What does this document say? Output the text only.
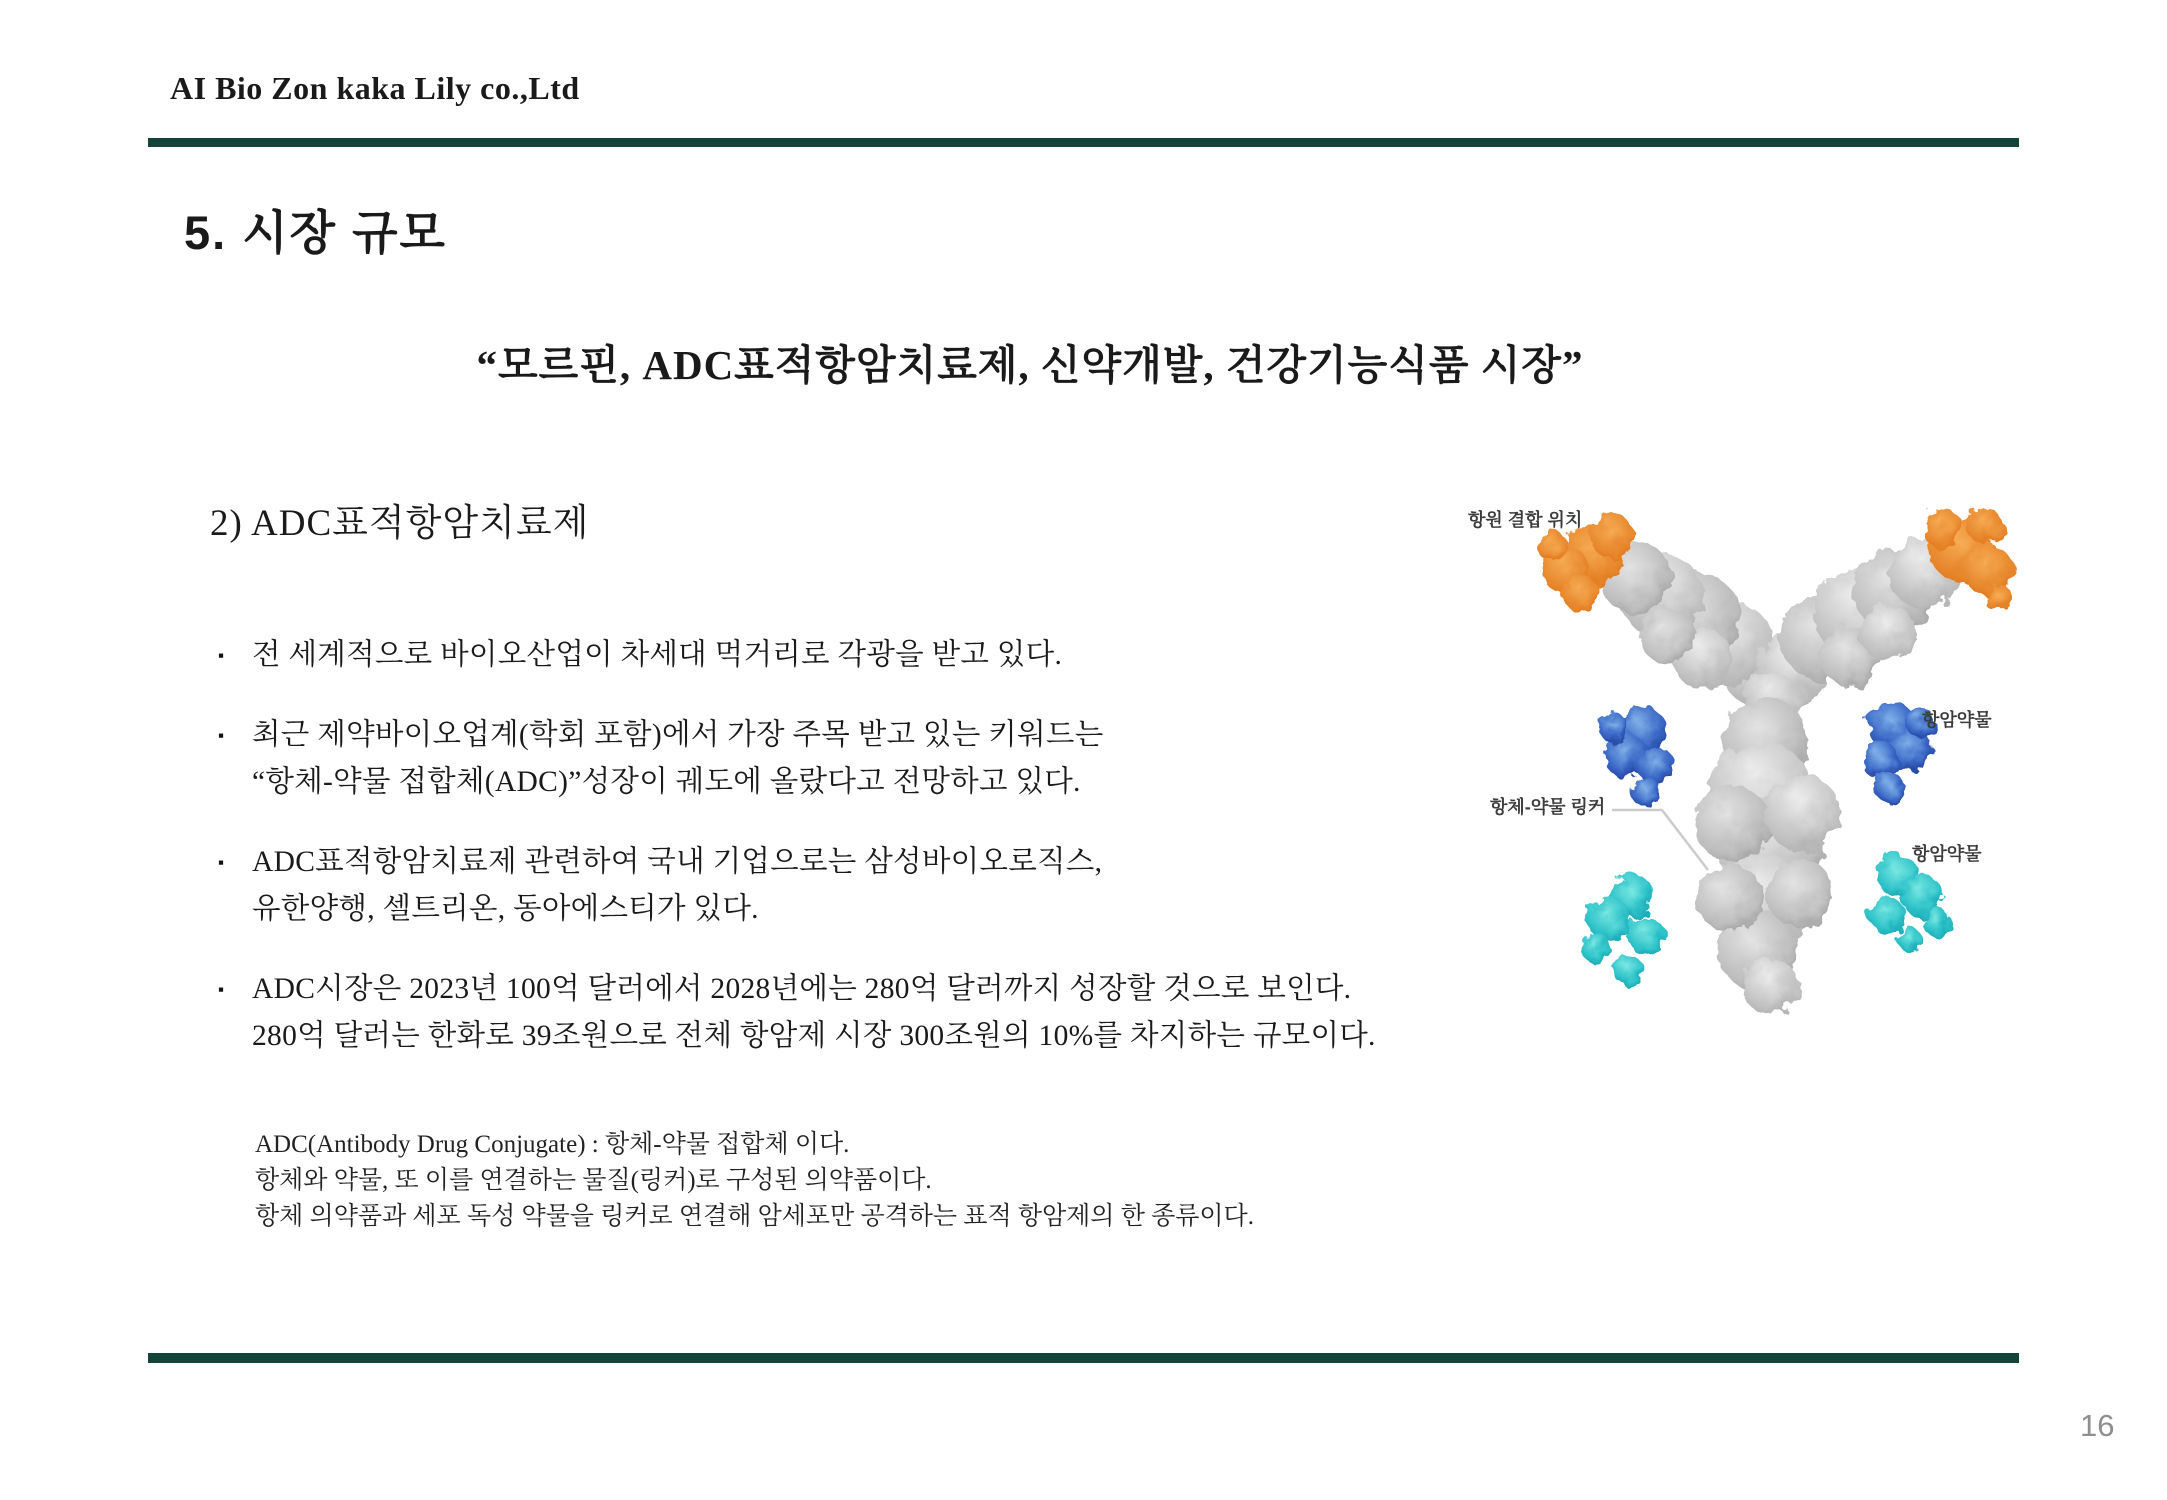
AI Bio Zon kaka Lily co.,Ltd
5. 시장 규모
“모르핀, ADC표적항암치료제, 신약개발, 건강기능식품 시장”
2) ADC표적항암치료제
▪ 전 세계적으로 바이오산업이 차세대 먹거리로 각광을 받고 있다.
▪ 최근 제약바이오업계(학회 포함)에서 가장 주목 받고 있는 키워드는
“항체-약물 접합체(ADC)”성장이 궤도에 올랐다고 전망하고 있다.
▪ ADC표적항암치료제 관련하여 국내 기업으로는 삼성바이오로직스,
유한양행, 셀트리온, 동아에스티가 있다.
▪ ADC시장은 2023년 100억 달러에서 2028년에는 280억 달러까지 성장할 것으로 보인다.
280억 달러는 한화로 39조원으로 전체 항암제 시장 300조원의 10%를 차지하는 규모이다.
ADC(Antibody Drug Conjugate) : 항체-약물 접합체 이다.
항체와 약물, 또 이를 연결하는 물질(링커)로 구성된 의약품이다.
항체 의약품과 세포 독성 약물을 링커로 연결해 암세포만 공격하는 표적 항암제의 한 종류이다.
항원 결합 위치
항암약물
항체-약물 링커
항암약물
16
